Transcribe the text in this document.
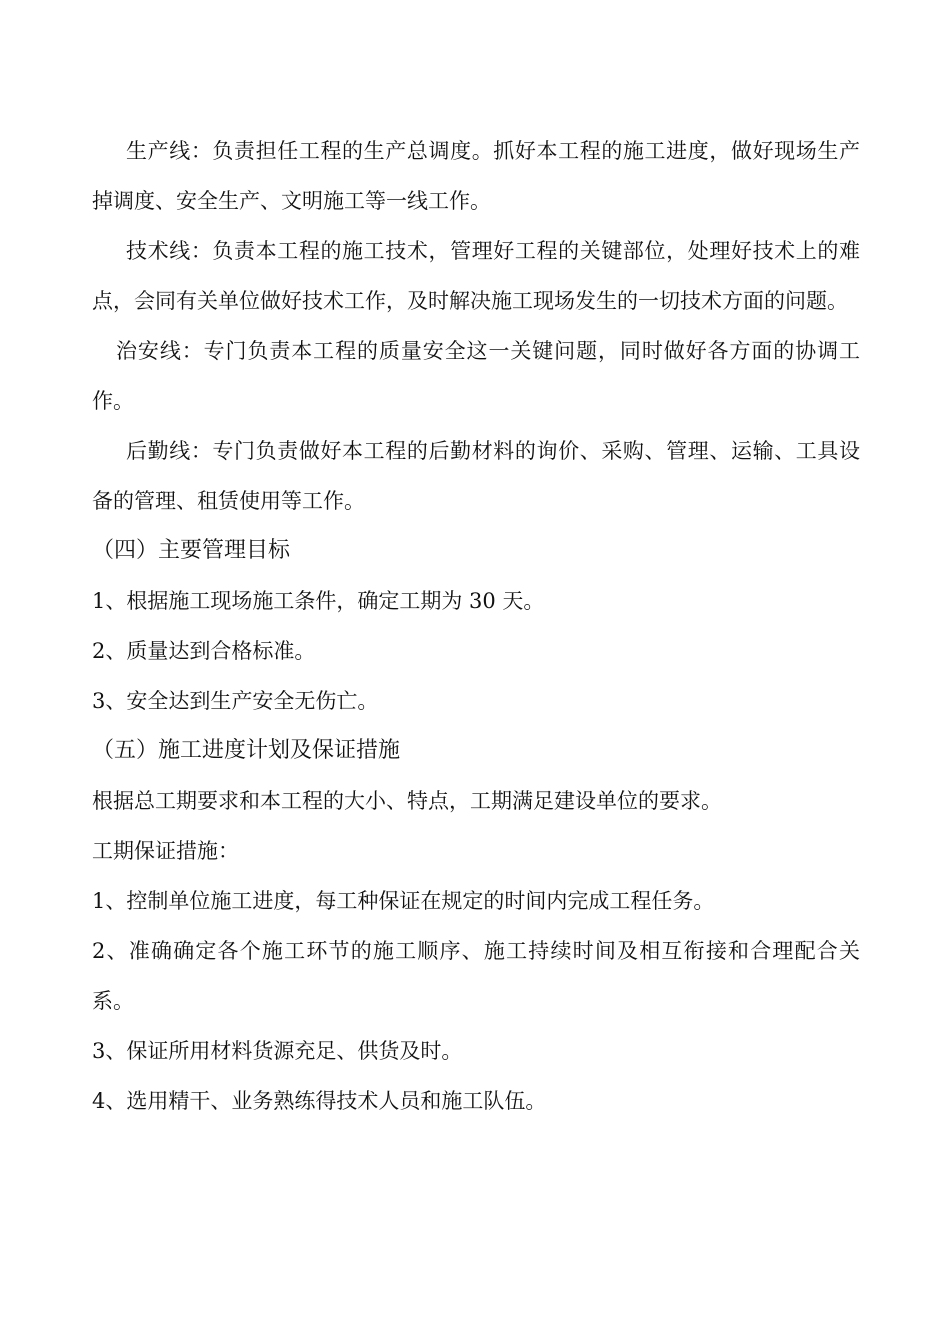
生产线：负责担任工程的生产总调度。抓好本工程的施工进度，做好现场生产掉调度、安全生产、文明施工等一线工作。

技术线：负责本工程的施工技术，管理好工程的关键部位，处理好技术上的难点，会同有关单位做好技术工作，及时解决施工现场发生的一切技术方面的问题。

治安线：专门负责本工程的质量安全这一关键问题，同时做好各方面的协调工作。

后勤线：专门负责做好本工程的后勤材料的询价、采购、管理、运输、工具设备的管理、租赁使用等工作。

（四）主要管理目标

1、根据施工现场施工条件，确定工期为 30 天。

2、质量达到合格标准。

3、安全达到生产安全无伤亡。

（五）施工进度计划及保证措施

根据总工期要求和本工程的大小、特点，工期满足建设单位的要求。

工期保证措施：

1、控制单位施工进度，每工种保证在规定的时间内完成工程任务。

2、准确确定各个施工环节的施工顺序、施工持续时间及相互衔接和合理配合关系。

3、保证所用材料货源充足、供货及时。

4、选用精干、业务熟练得技术人员和施工队伍。
